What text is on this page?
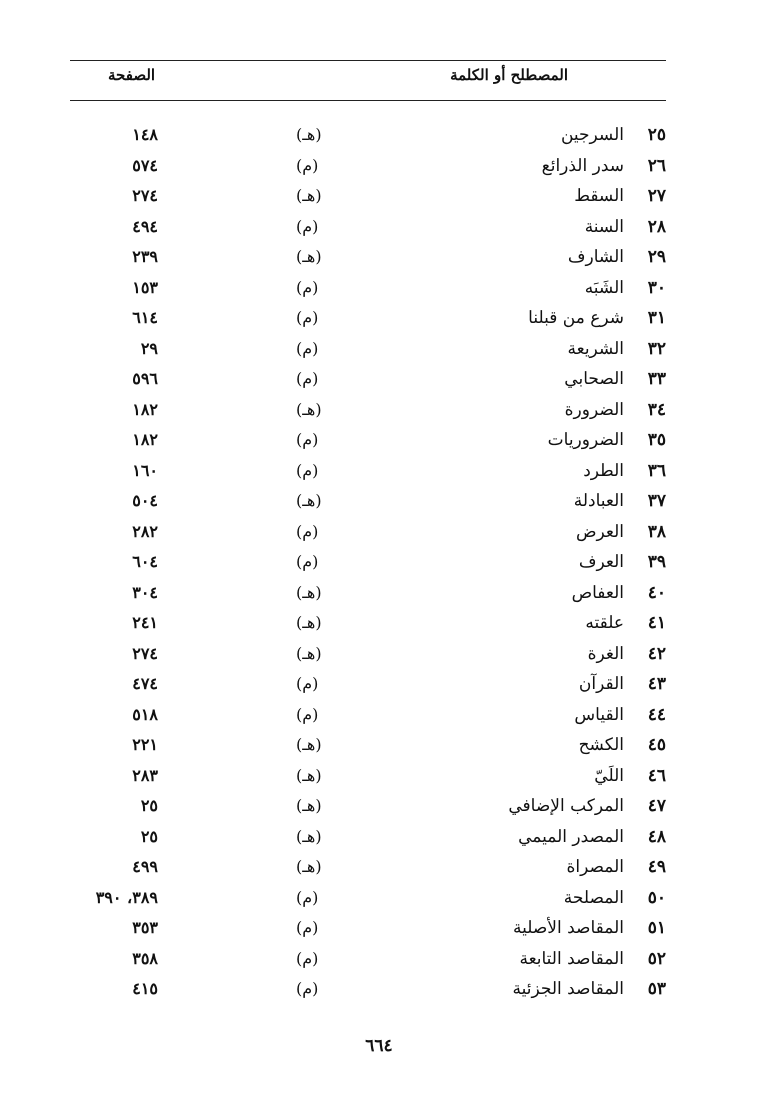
المصطلح أو الكلمة
الصفحة
٢٥
السرجين
(هـ)
١٤٨
٢٦
سدر الذرائع
(م)
٥٧٤
٢٧
السقط
(هـ)
٢٧٤
٢٨
السنة
(م)
٤٩٤
٢٩
الشارف
(هـ)
٢٣٩
٣٠
الشَبَه
(م)
١٥٣
٣١
شرع من قبلنا
(م)
٦١٤
٣٢
الشريعة
(م)
٢٩
٣٣
الصحابي
(م)
٥٩٦
٣٤
الضرورة
(هـ)
١٨٢
٣٥
الضروريات
(م)
١٨٢
٣٦
الطرد
(م)
١٦٠
٣٧
العبادلة
(هـ)
٥٠٤
٣٨
العرض
(م)
٢٨٢
٣٩
العرف
(م)
٦٠٤
٤٠
العفاص
(هـ)
٣٠٤
٤١
علقته
(هـ)
٢٤١
٤٢
الغرة
(هـ)
٢٧٤
٤٣
القرآن
(م)
٤٧٤
٤٤
القياس
(م)
٥١٨
٤٥
الكشح
(هـ)
٢٢١
٤٦
اللَيّ
(هـ)
٢٨٣
٤٧
المركب الإضافي
(هـ)
٢٥
٤٨
المصدر الميمي
(هـ)
٢٥
٤٩
المصراة
(هـ)
٤٩٩
٥٠
المصلحة
(م)
٣٨٩، ٣٩٠
٥١
المقاصد الأصلية
(م)
٣٥٣
٥٢
المقاصد التابعة
(م)
٣٥٨
٥٣
المقاصد الجزئية
(م)
٤١٥
٦٦٤
